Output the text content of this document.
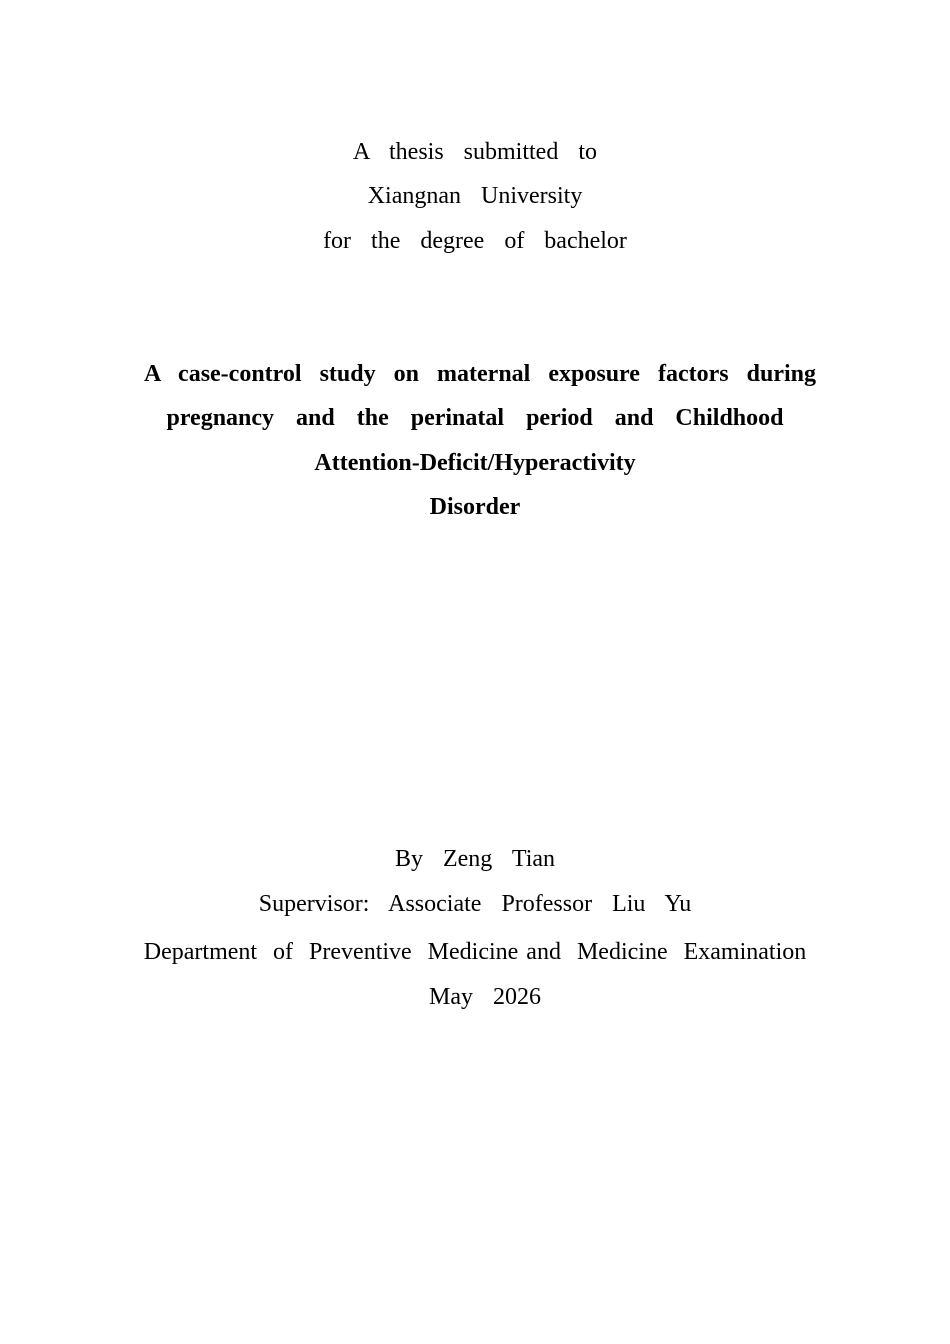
A  thesis  submitted  to
Xiangnan  University
for  the  degree  of  bachelor
A  case-control  study  on  maternal  exposure  factors  during
pregnancy  and  the  perinatal  period  and  Childhood
Attention-Deficit/Hyperactivity
Disorder
By  Zeng  Tian
Supervisor:  Associate  Professor  Liu  Yu
Department  of  Preventive  Medicine and  Medicine  Examination
May  2026
